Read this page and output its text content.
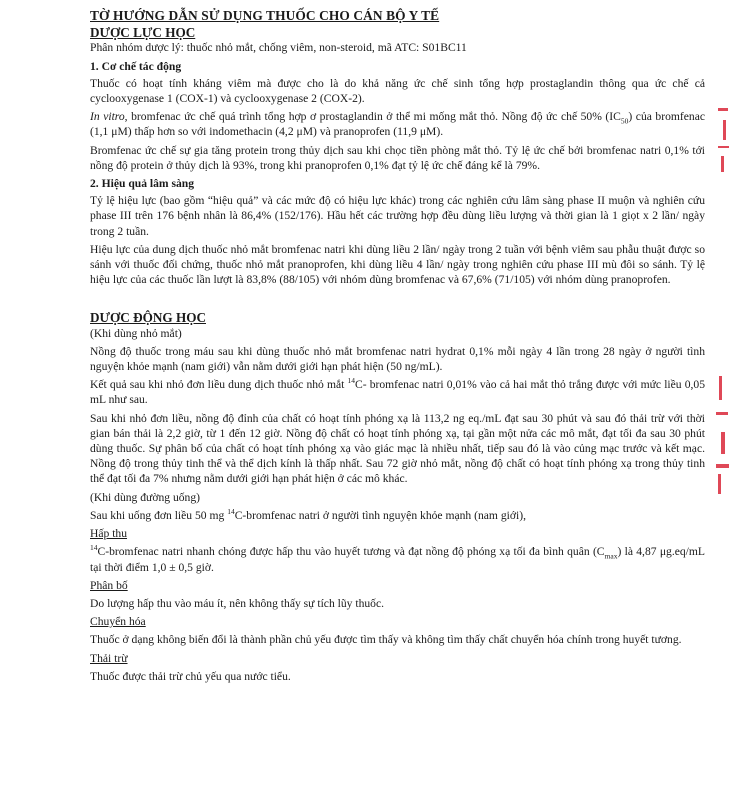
TỜ HƯỚNG DẪN SỬ DỤNG THUỐC CHO CÁN BỘ Y TẾ
DƯỢC LỰC HỌC

Phân nhóm dược lý: thuốc nhỏ mắt, chống viêm, non-steroid, mã ATC: S01BC11

1. Cơ chế tác động

Thuốc có hoạt tính kháng viêm mà được cho là do khả năng ức chế sinh tổng hợp prostaglandin thông qua ức chế cả cyclooxygenase 1 (COX-1) và cyclooxygenase 2 (COX-2).

In vitro, bromfenac ức chế quá trình tổng hợp ơ prostaglandin ở thể mi mống mắt thỏ. Nồng độ ức chế 50% $(IC_{50})$ của bromfenac (1,1 μM) thấp hơn so với indomethacin (4,2 μM) và pranoprofen (11,9 μM).

Bromfenac ức chế sự gia tăng protein trong thủy dịch sau khi chọc tiền phòng mắt thỏ. Tỷ lệ ức chế bởi bromfenac natri 0,1% tới nồng độ protein ở thủy dịch là 93%, trong khi pranoprofen 0,1% đạt tỷ lệ ức chế đáng kể là 79%.

2. Hiệu quả lâm sàng

Tỷ lệ hiệu lực (bao gồm “hiệu quả” và các mức độ có hiệu lực khác) trong các nghiên cứu lâm sàng phase II muộn và nghiên cứu phase III trên 176 bệnh nhân là 86,4% (152/176). Hầu hết các trường hợp đều dùng liều lượng và thời gian là 1 giọt x 2 lần/ ngày trong 2 tuần.

Hiệu lực của dung dịch thuốc nhỏ mắt bromfenac natri khi dùng liều 2 lần/ ngày trong 2 tuần với bệnh viêm sau phẫu thuật được so sánh với thuốc đối chứng, thuốc nhỏ mắt pranoprofen, khi dùng liều 4 lần/ ngày trong nghiên cứu phase III mù đôi so sánh. Tỷ lệ hiệu lực của các thuốc lần lượt là 83,8% (88/105) với nhóm dùng bromfenac và 67,6% (71/105) với nhóm dùng pranoprofen.

DƯỢC ĐỘNG HỌC

(Khi dùng nhỏ mắt)

Nồng độ thuốc trong máu sau khi dùng thuốc nhỏ mắt bromfenac natri hydrat 0,1% mỗi ngày 4 lần trong 28 ngày ở người tình nguyện khỏe mạnh (nam giới) vẫn nằm dưới giới hạn phát hiện (50 ng/mL).

Kết quả sau khi nhỏ đơn liều dung dịch thuốc nhỏ mắt $^{14}$C- bromfenac natri 0,01% vào cả hai mắt thỏ trắng được với mức liều 0,05 mL như sau.

Sau khi nhỏ đơn liều, nồng độ đỉnh của chất có hoạt tính phóng xạ là 113,2 ng eq./mL đạt sau 30 phút và sau đó thải trừ với thời gian bán thải là 2,2 giờ, từ 1 đến 12 giờ. Nồng độ chất có hoạt tính phóng xạ, tại gần một nửa các mô mắt, đạt tối đa sau 30 phút dùng thuốc. Sự phân bố của chất có hoạt tính phóng xạ vào giác mạc là nhiều nhất, tiếp sau đó là vào củng mạc trước và kết mạc. Nồng độ trong thủy tinh thể và thể dịch kính là thấp nhất. Sau 72 giờ nhỏ mắt, nồng độ chất có hoạt tính phóng xạ trong thủy tinh thể đạt tối đa 7% nhưng nằm dưới giới hạn phát hiện ở các mô khác.

(Khi dùng đường uống)

Sau khi uống đơn liều 50 mg $^{14}$C-bromfenac natri ở người tình nguyện khỏe mạnh (nam giới),

Hấp thu

$^{14}$C-bromfenac natri nhanh chóng được hấp thu vào huyết tương và đạt nồng độ phóng xạ tối đa bình quân $(C_{max})$ là 4,87 μg.eq/mL tại thời điểm 1,0 ± 0,5 giờ.

Phân bố

Do lượng hấp thu vào máu ít, nên không thấy sự tích lũy thuốc.

Chuyển hóa

Thuốc ở dạng không biến đổi là thành phần chủ yếu được tìm thấy và không tìm thấy chất chuyển hóa chính trong huyết tương.

Thải trừ

Thuốc được thải trừ chủ yếu qua nước tiểu.
